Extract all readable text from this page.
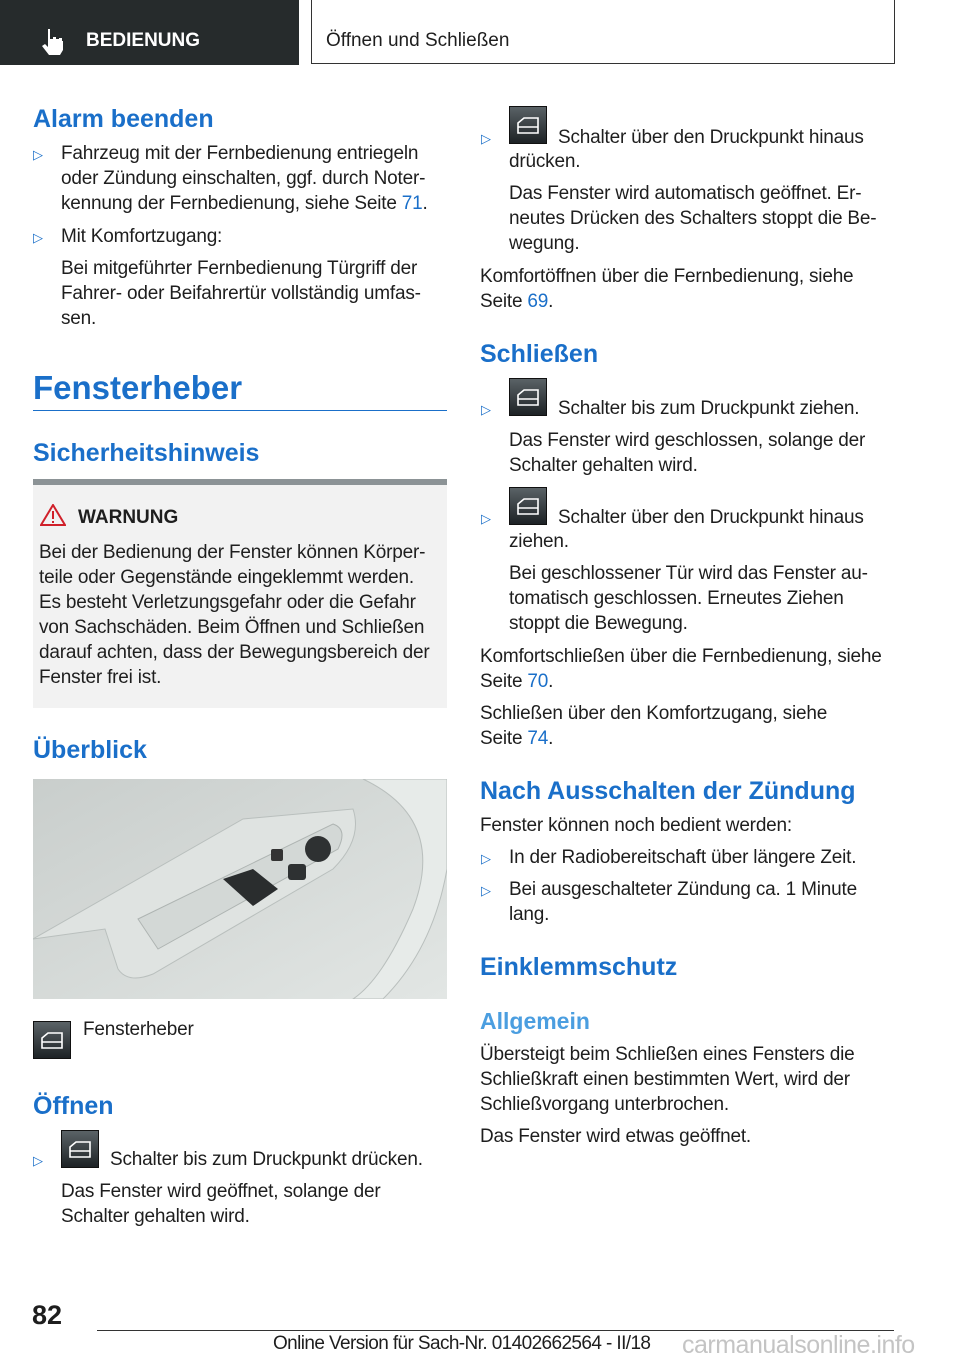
BEDIENUNG	Öffnen und Schließen
Alarm beenden
▷ Fahrzeug mit der Fernbedienung entriegeln
oder Zündung einschalten, ggf. durch Noter-
kennung der Fernbedienung, siehe Seite 71.
▷ Mit Komfortzugang:
Bei mitgeführter Fernbedienung Türgriff der
Fahrer- oder Beifahrertür vollständig umfas-
sen.
Fensterheber
Sicherheitshinweis
WARNUNG
Bei der Bedienung der Fenster können Körper-
teile oder Gegenstände eingeklemmt werden.
Es besteht Verletzungsgefahr oder die Gefahr
von Sachschäden. Beim Öffnen und Schließen
darauf achten, dass der Bewegungsbereich der
Fenster frei ist.
Überblick
Fensterheber
Öffnen
▷	Schalter bis zum Druckpunkt drücken.
Das Fenster wird geöffnet, solange der
Schalter gehalten wird.
▷	Schalter über den Druckpunkt hinaus
drücken.
Das Fenster wird automatisch geöffnet. Er-
neutes Drücken des Schalters stoppt die Be-
wegung.
Komfortöffnen über die Fernbedienung, siehe
Seite 69.
Schließen
▷	Schalter bis zum Druckpunkt ziehen.
Das Fenster wird geschlossen, solange der
Schalter gehalten wird.
▷	Schalter über den Druckpunkt hinaus
ziehen.
Bei geschlossener Tür wird das Fenster au-
tomatisch geschlossen. Erneutes Ziehen
stoppt die Bewegung.
Komfortschließen über die Fernbedienung, siehe
Seite 70.
Schließen über den Komfortzugang, siehe
Seite 74.
Nach Ausschalten der Zündung
Fenster können noch bedient werden:
▷ In der Radiobereitschaft über längere Zeit.
▷ Bei ausgeschalteter Zündung ca. 1 Minute
lang.
Einklemmschutz
Allgemein
Übersteigt beim Schließen eines Fensters die
Schließkraft einen bestimmten Wert, wird der
Schließvorgang unterbrochen.
Das Fenster wird etwas geöffnet.
82
Online Version für Sach-Nr. 01402662564 - II/18 carmanualsonline.info
